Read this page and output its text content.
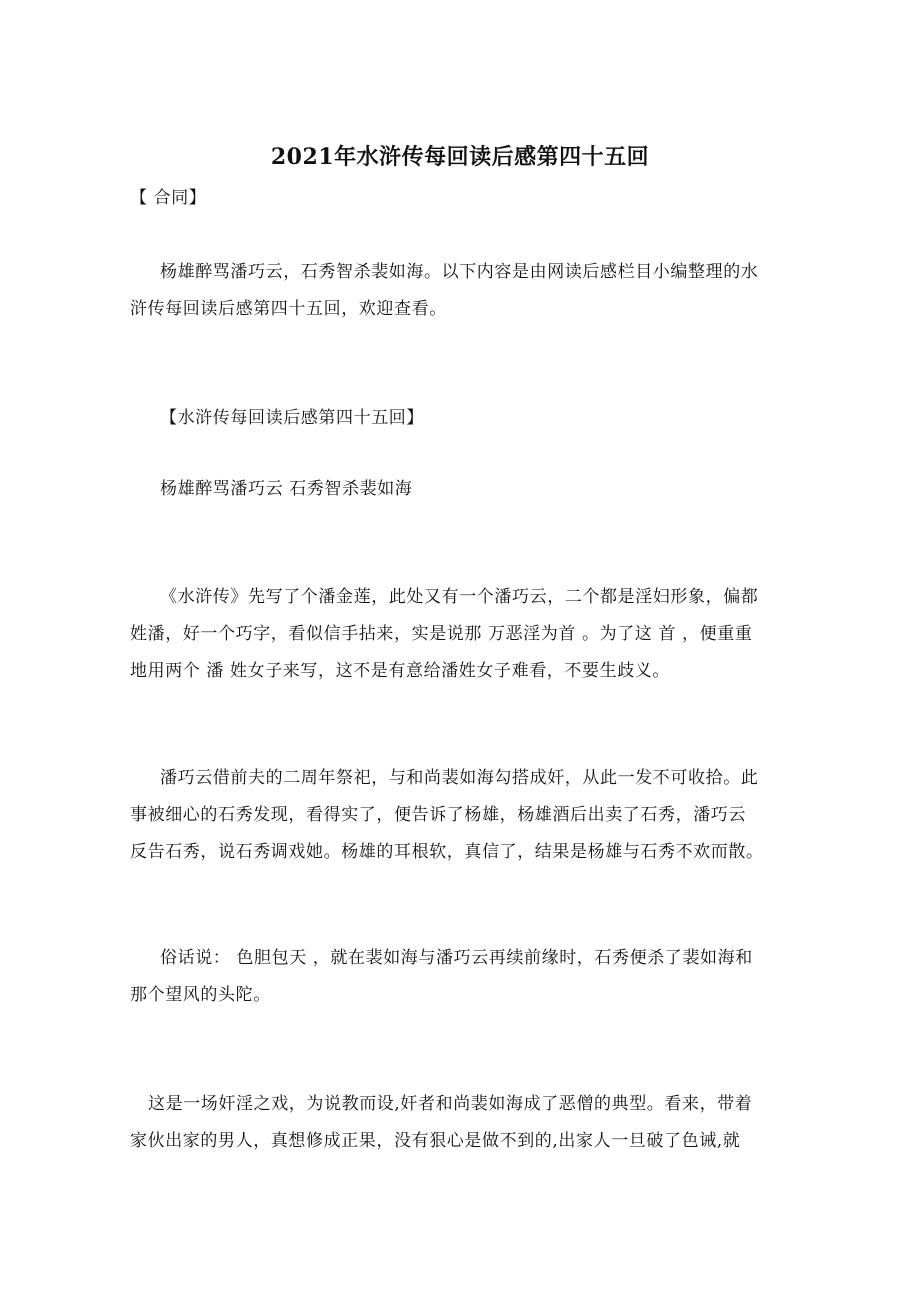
2021年水浒传每回读后感第四十五回
【 合同】
杨雄醉骂潘巧云，石秀智杀裴如海。以下内容是由网读后感栏目小编整理的水
浒传每回读后感第四十五回，欢迎查看。
【水浒传每回读后感第四十五回】
杨雄醉骂潘巧云 石秀智杀裴如海
《水浒传》先写了个潘金莲，此处又有一个潘巧云，二个都是淫妇形象，偏都
姓潘，好一个巧字，看似信手拈来，实是说那 万恶淫为首 。为了这 首 ，便重重
地用两个 潘 姓女子来写，这不是有意给潘姓女子难看，不要生歧义。
潘巧云借前夫的二周年祭祀，与和尚裴如海勾搭成奸，从此一发不可收拾。此
事被细心的石秀发现，看得实了，便告诉了杨雄，杨雄酒后出卖了石秀，潘巧云
反告石秀，说石秀调戏她。杨雄的耳根软，真信了，结果是杨雄与石秀不欢而散。
俗话说： 色胆包天 ，就在裴如海与潘巧云再续前缘时，石秀便杀了裴如海和
那个望风的头陀。
这是一场奸淫之戏，为说教而设,奸者和尚裴如海成了恶僧的典型。看来，带着
家伙出家的男人，真想修成正果，没有狠心是做不到的,出家人一旦破了色诫,就
